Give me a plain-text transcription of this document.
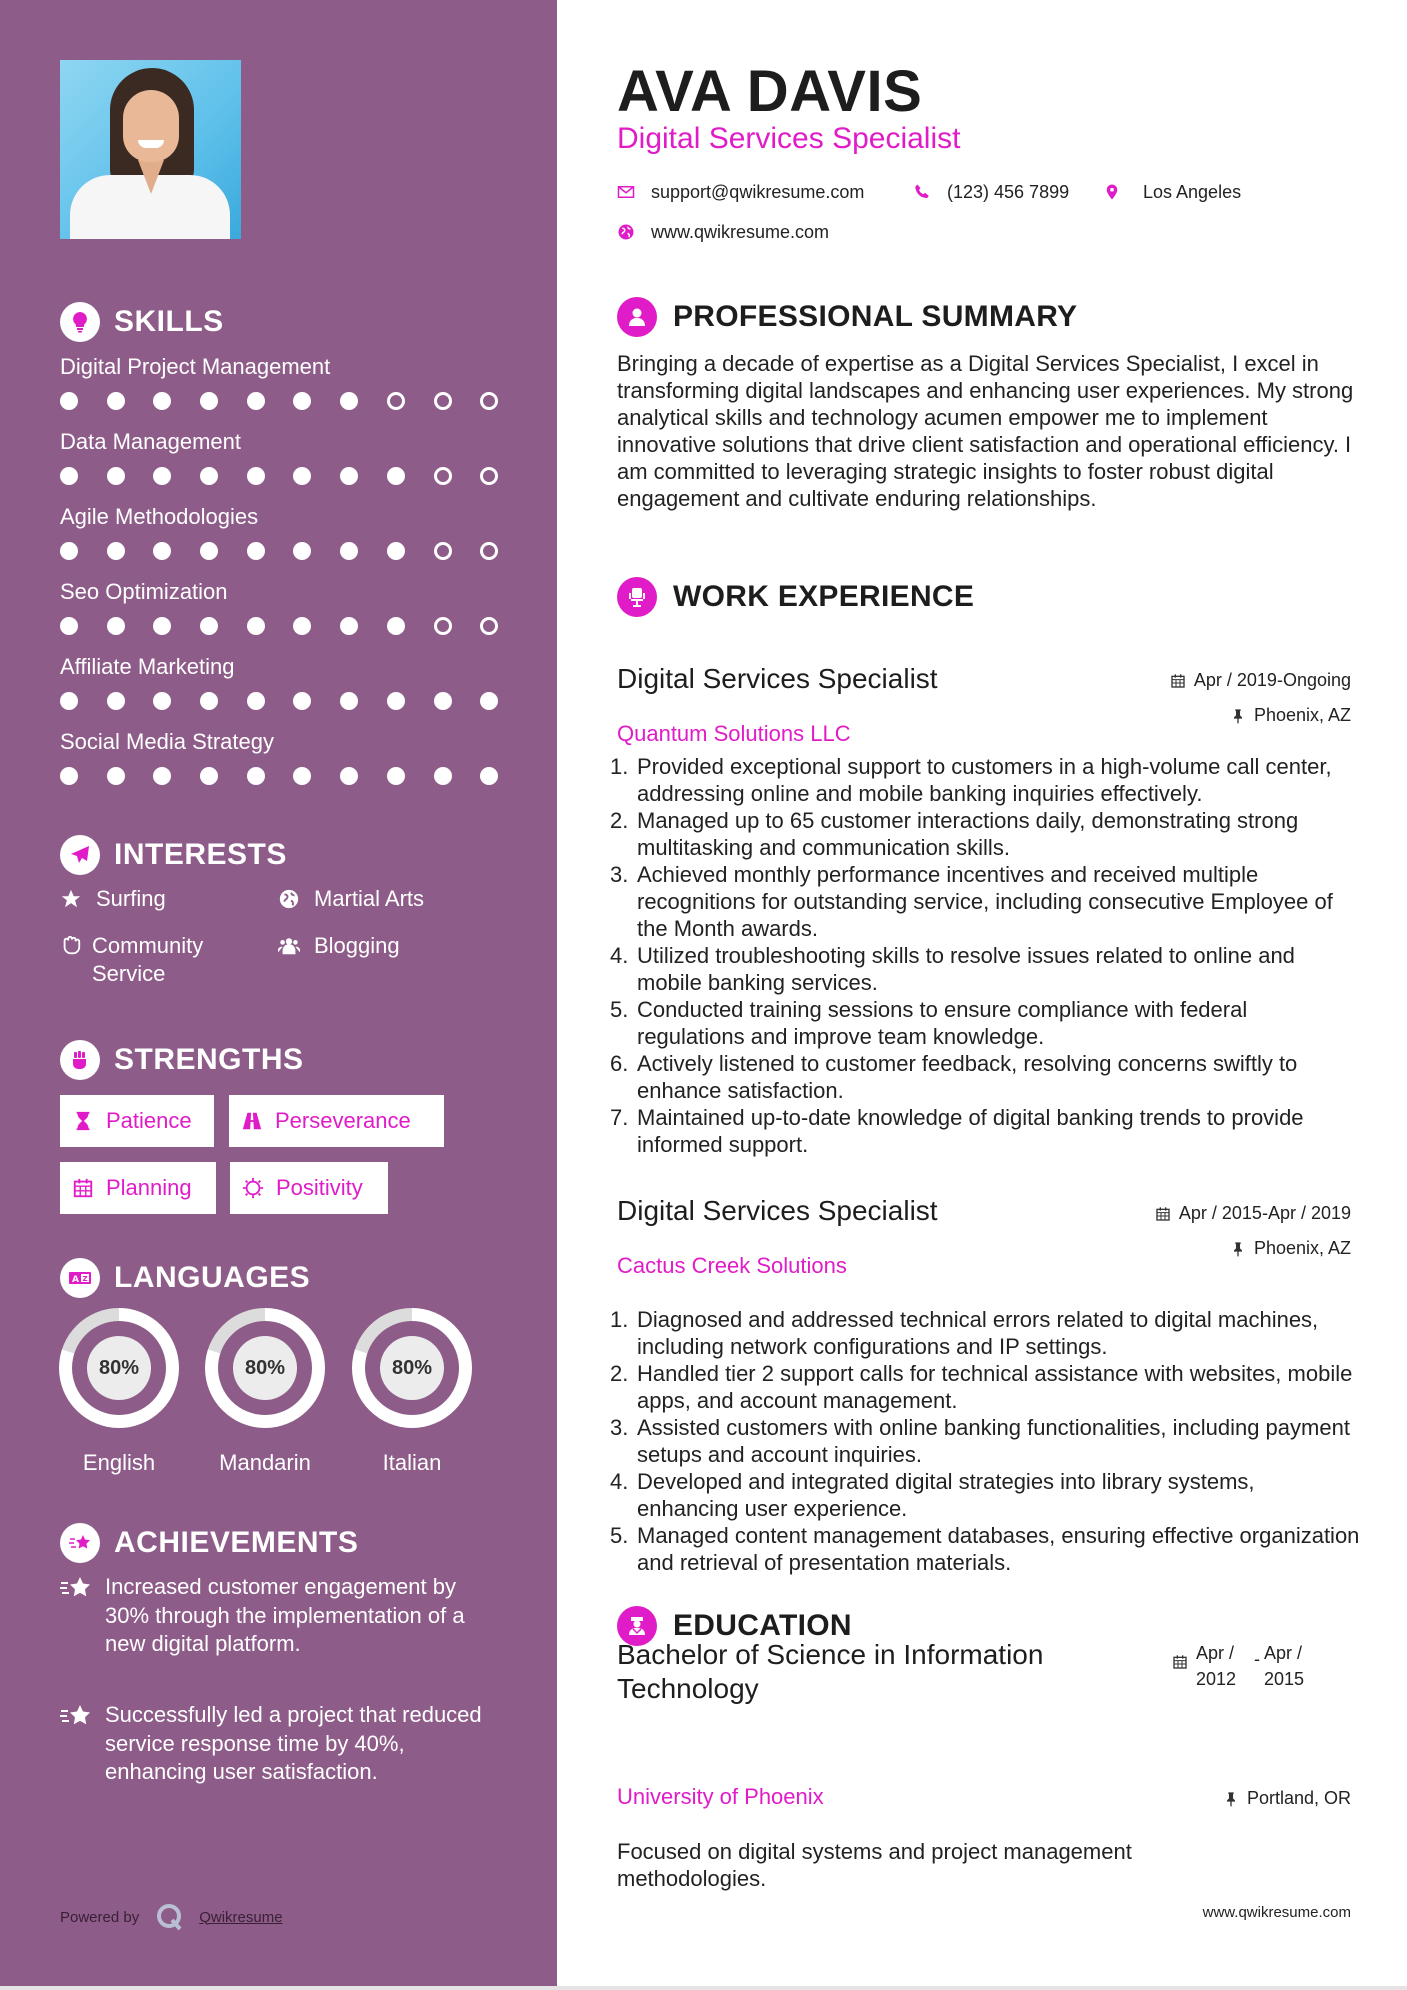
SKILLS
Digital Project Management
Data Management
Agile Methodologies
Seo Optimization
Affiliate Marketing
Social Media Strategy
INTERESTS
Surfing	Martial Arts
Community Service
Blogging
STRENGTHS
Patience	Perseverance
Planning	Positivity
A Z LANGUAGES
80%
English
80%
Mandarin
80%
Italian
ACHIEVEMENTS
Increased customer engagement by 30% through the implementation of a new digital platform.
Successfully led a project that reduced service response time by 40%, enhancing user satisfaction.
Powered by	Qwikresume
AVA DAVIS
Digital Services Specialist
support@qwikresume.com	(123) 456 7899	Los Angeles
www.qwikresume.com
PROFESSIONAL SUMMARY
Bringing a decade of expertise as a Digital Services Specialist, I excel in transforming digital landscapes and enhancing user experiences. My strong analytical skills and technology acumen empower me to implement innovative solutions that drive client satisfaction and operational efficiency. I am committed to leveraging strategic insights to foster robust digital engagement and cultivate enduring relationships.
WORK EXPERIENCE
Digital Services Specialist	Apr / 2019-Ongoing
Quantum Solutions LLC
Phoenix, AZ
1. Provided exceptional support to customers in a high-volume call center, addressing online and mobile banking inquiries effectively.
2. Managed up to 65 customer interactions daily, demonstrating strong multitasking and communication skills.
3. Achieved monthly performance incentives and received multiple recognitions for outstanding service, including consecutive Employee of the Month awards.
4. Utilized troubleshooting skills to resolve issues related to online and mobile banking services.
5. Conducted training sessions to ensure compliance with federal regulations and improve team knowledge.
6. Actively listened to customer feedback, resolving concerns swiftly to enhance satisfaction.
7. Maintained up-to-date knowledge of digital banking trends to provide informed support.
Digital Services Specialist	Apr / 2015-Apr / 2019
Cactus Creek Solutions
Phoenix, AZ
1. Diagnosed and addressed technical errors related to digital machines, including network configurations and IP settings.
2. Handled tier 2 support calls for technical assistance with websites, mobile apps, and account management.
3. Assisted customers with online banking functionalities, including payment setups and account inquiries.
4. Developed and integrated digital strategies into library systems, enhancing user experience.
5. Managed content management databases, ensuring effective organization and retrieval of presentation materials.
EDUCATION
Bachelor of Science in Information Technology
Apr / 2012
- Apr / 2015
University of Phoenix	Portland, OR
Focused on digital systems and project management methodologies.
www.qwikresume.com
